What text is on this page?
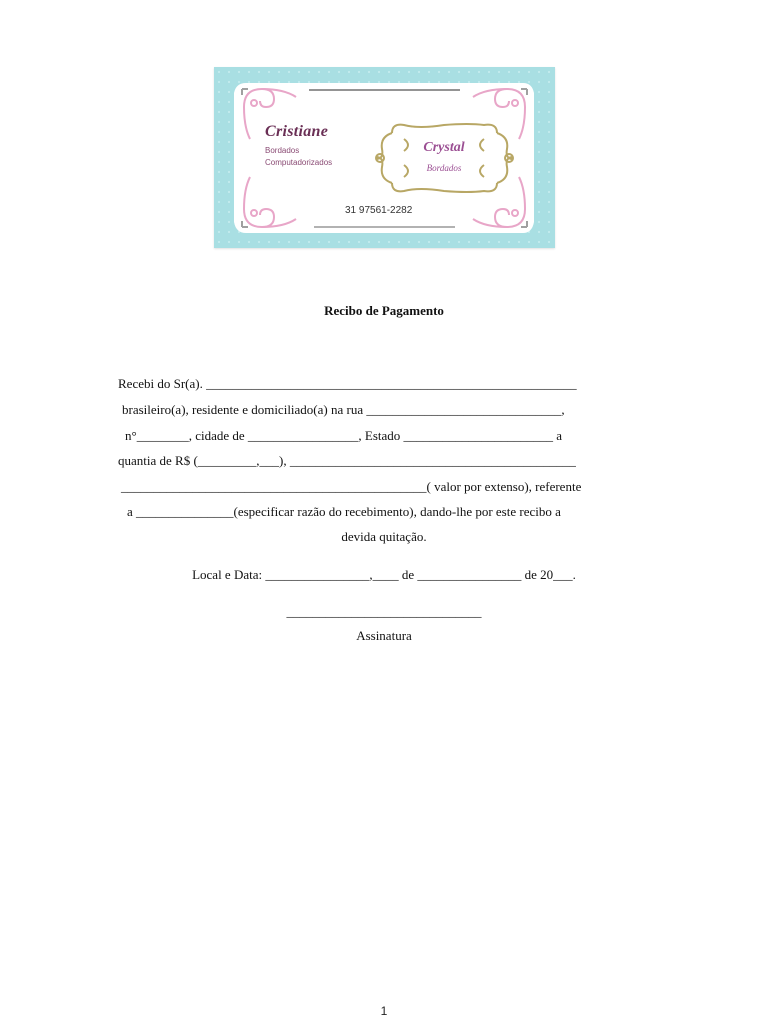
Cristiane
Bordados
Computadorizados
31 97561-2282
Crystal
Bordados
Recibo de Pagamento
Recebi do Sr(a). _________________________________________________________
brasileiro(a), residente e domiciliado(a) na rua ______________________________,
n°________, cidade de _________________, Estado _______________________ a
quantia de R$ (_________,___), ____________________________________________
_______________________________________________( valor por extenso), referente
a _______________(especificar razão do recebimento), dando-lhe por este recibo a
devida quitação.
Local e Data: ________________,____ de ________________ de 20___.
______________________________
Assinatura
1
